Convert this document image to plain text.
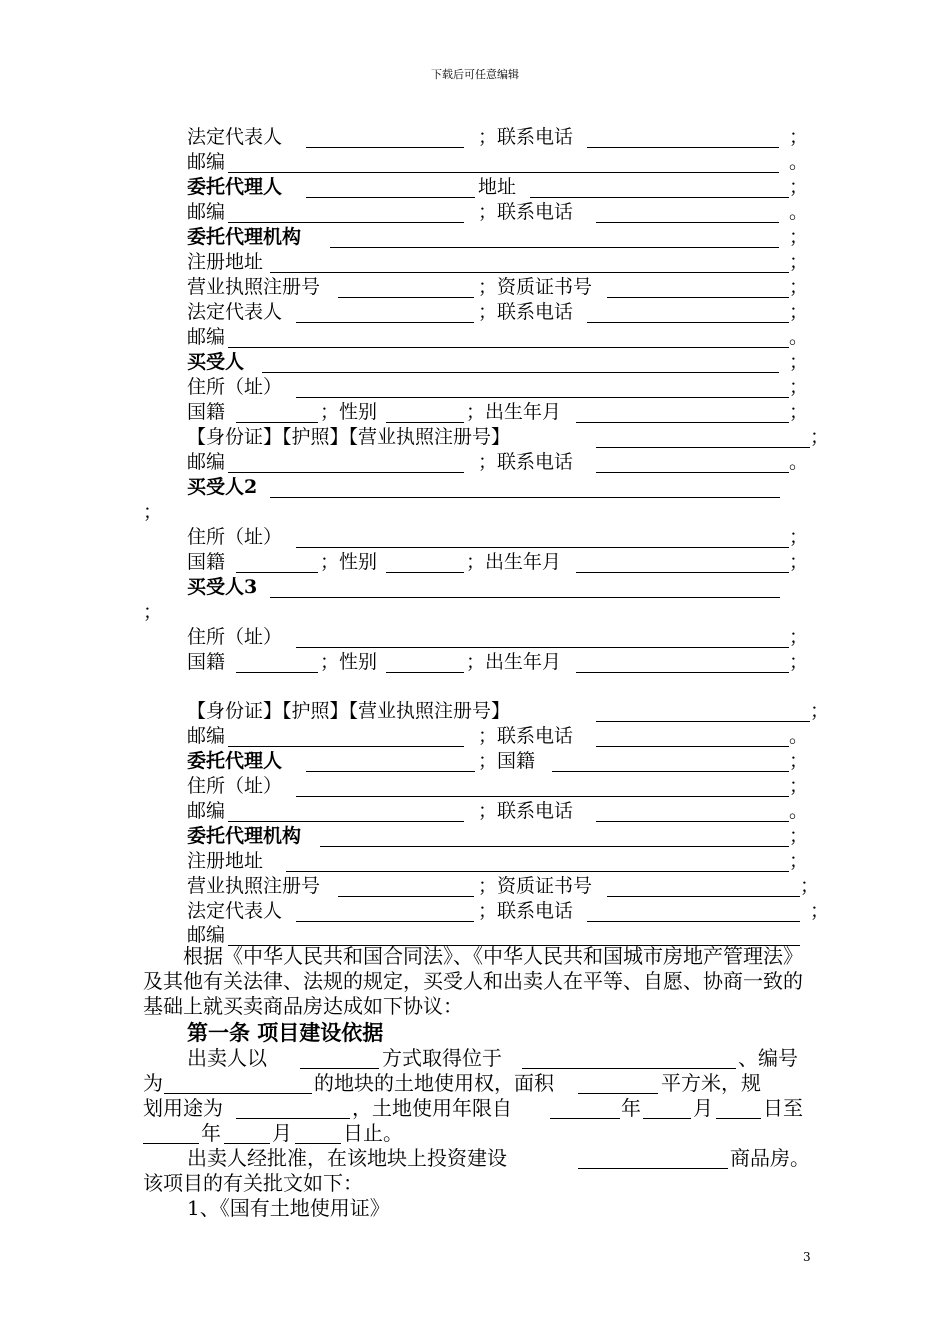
下载后可任意编辑
法定代表人	；联系电话	；
邮编	。
委托代理人	地址	；
邮编	；联系电话	。
委托代理机构	；
注册地址	；
营业执照注册号	；资质证书号	；
法定代表人	；联系电话	；
邮编	。
买受人	；
住所（址）	；
国籍	；性别	；出生年月	；
【身份证】【护照】【营业执照注册号】	；
邮编	；联系电话	。
买受人2
；
住所（址）	；
国籍	；性别	；出生年月	；
买受人3
；
住所（址）	；
国籍	；性别	；出生年月	；
【身份证】【护照】【营业执照注册号】	；
邮编	；联系电话	。
委托代理人	；国籍	；
住所（址）	；
邮编	；联系电话	。
委托代理机构	；
注册地址	；
营业执照注册号	；资质证书号	；
法定代表人	；联系电话	；
邮编
　　根据《中华人民共和国合同法》、《中华人民共和国城市房地产管理法》及其他有关法律、法规的规定，买受人和出卖人在平等、自愿、协商一致的基础上就买卖商品房达成如下协议：
第一条 项目建设依据
出卖人以	方式取得位于	、编号
为	的地块的土地使用权，面积	平方米，规
划用途为	，土地使用年限自	年	月	日至
年	月	日止。
出卖人经批准，在该地块上投资建设	商品房。
该项目的有关批文如下：
1、《国有土地使用证》
3
